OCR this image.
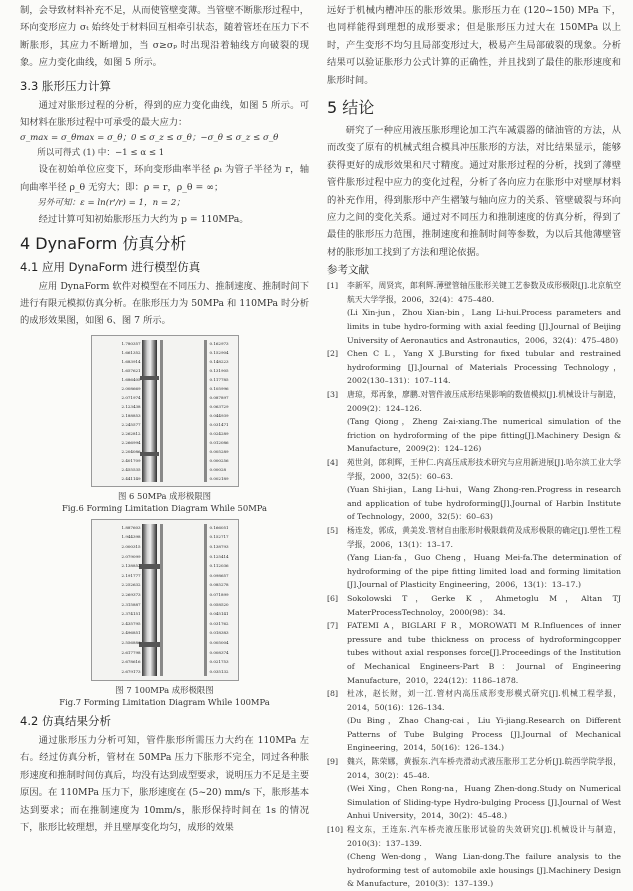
制，会导致材料补充不足，从而使管壁变薄。当管壁不断胀形过程中，环向变形应力 σₜ 始终处于材料回互相牵引状态，随着管坯在压力下不断胀形，其应力不断增加，当 σ≥σₚ 时出现沿着轴线方向破裂的现象。应力变化曲线，如图 5 所示。

3.3 胀形压力计算

通过对胀形过程的分析，得到的应力变化曲线，如图 5 所示。可知材料在胀形过程中可承受的最大应力：

σ_max = σ_θmax = σ_θ；0 ≤ σ_z ≤ σ_θ；−σ_θ ≤ σ_z ≤ σ_θ

所以可得式 (1) 中：−1 ≤ α ≤ 1

设在初始单位应变下，环向变形曲率半径 ρₜ 为管子半径为 r，轴向曲率半径 ρ_θ 无穷大；即：ρ = r，ρ_θ = ∞；

另外可知：ε = ln(r'/r) = 1，n = 2；

经过计算可知初始胀形压力大约为 p = 110MPa。

4 DynaForm 仿真分析
4.1 应用 DynaForm 进行模型仿真

应用 DynaForm 软件对模型在不同压力、推制速度、推制时间下进行有限元模拟仿真分析。在胀形压力为 50MPa 和 110MPa 时分析的成形效果图，如图 6、图 7 所示。

1.780357
1.661352
1.683914
1.657621
1.686405
2.008669
2.071974
2.123438
2.188853
2.245577
2.262812
2.266994
2.204086
2.401709
2.455535
2.441149
0.162973
0.152904
0.148223
0.131905
0.117785
0.105996
0.087897
0.063729
0.044939
0.031471
0.024289
0.012086
0.005289
0.000256
0.00028
0.002189

图 6 50MPa 成形极限图

Fig.6 Forming Limitation Diagram While 50MPa

1.887603
1.944398
2.000315
2.079099
2.138852
2.191777
2.252632
2.269373
2.315887
2.374151
2.435795
2.496851
2.556886
2.617798
2.678616
2.679173
0.166051
0.152717
0.138793
0.125414
0.112036
0.098657
0.085278
0.071899
0.058520
0.045141
0.031762
0.018383
0.005004
0.008374
0.021753
0.035132

图 7 100MPa 成形极限图

Fig.7 Forming Limitation Diagram While 100MPa

4.2 仿真结果分析

通过胀形压力分析可知，管件胀形所需压力大约在 110MPa 左右。经过仿真分析，管材在 50MPa 压力下胀形不完全，同过各种胀形速度和推制时间仿真后，均没有达到成型要求，说明压力不足是主要原因。在 110MPa 压力下，胀形速度在 (5~20) mm/s 下，胀形基本达到要求；而在推制速度为 10mm/s，胀形保持时间在 1s 的情况下，胀形比较理想，并且壁厚变化均匀，成形的效果

远好于机械内槽冲压的胀形效果。胀形压力在 (120~150) MPa 下，也同样能得到理想的成形要求；但是胀形压力过大在 150MPa 以上时，产生变形不均匀且局部变形过大，极易产生局部破裂的现象。分析结果可以验证胀形力公式计算的正确性，并且找到了最佳的胀形速度和胀形时间。

5 结论

研究了一种应用液压胀形理论加工汽车减震器的储油管的方法，从而改变了原有的机械式组合模具冲压胀形的方法，对比结果显示，能够获得更好的成形效果和尺寸精度。通过对胀形过程的分析，找到了薄壁管件胀形过程中应力的变化过程，分析了各向应力在胀形中对壁厚材料的补充作用，得到胀形中产生褶皱与轴向应力的关系、管壁破裂与环向应力之间的变化关系。通过对不同压力和推制速度的仿真分析，得到了最佳的胀形压力范围，推制速度和推制时间等参数，为以后其他薄壁管材的胀形加工找到了方法和理论依据。

参考文献

[1] 李新军，周贤宾，郎利辉.薄壁管轴压胀形关键工艺参数及成形极限[J].北京航空航天大学学报，2006，32(4)：475–480.
(Li Xin-jun，Zhou Xian-bin，Lang Li-hui.Process parameters and limits in tube hydro-forming with axial feeding [J].Journal of Beijing University of Aeronautics and Astronautics，2006，32(4)：475–480)

[2] Chen C L，Yang X J.Bursting for fixed tubular and restrained hydroforming [J].Journal of Materials Processing Technology，2002(130–131)：107–114.

[3] 唐琼，郑再象，廖鹏.对管件液压成形结果影响的数值模拟[J].机械设计与制造，2009(2)：124–126.
(Tang Qiong，Zheng Zai-xiang.The numerical simulation of the friction on hydroforming of the pipe fitting[J].Machinery Design & Manufacture，2009(2)：124–126)

[4] 苑世剑，郎利辉，王仲仁.内高压成形技术研究与应用新进展[J].哈尔滨工业大学学报，2000，32(5)：60–63.
(Yuan Shi-jian，Lang Li-hui，Wang Zhong-ren.Progress in research and application of tube hydroforming[J].Journal of Harbin Institute of Technology，2000，32(5)：60–63)

[5] 杨连发，郭成，黄美发.管材自由胀形时极限载荷及成形极限的确定[J].塑性工程学报，2006，13(1)：13–17.
(Yang Lian-fa，Guo Cheng，Huang Mei-fa.The determination of hydroforming of the pipe fitting limited load and forming limitation [J].Journal of Plasticity Engineering，2006，13(1)：13–17.)

[6] Sokolowski T，Gerke K，Ahmetoglu M，Altan TJ MaterProcessTechnoloy，2000(98)：34.

[7] FATEMI A，BIGLARI F R，MOROWATI M R.Influences of inner pressure and tube thickness on process of hydroformingcopper tubes without axial responses force[J].Proceedings of the Institution of Mechanical Engineers-Part B：Journal of Engineering Manufacture，2010，224(12)：1186–1878.

[8] 杜冰，赵长财，刘一江.管材内高压成形变形模式研究[J].机械工程学报，2014，50(16)：126–134.
(Du Bing，Zhao Chang-cai，Liu Yi-jiang.Research on Different Patterns of Tube Bulging Process [J].Journal of Mechanical Engineering，2014，50(16)：126–134.)

[9] 魏兴，陈荣娜，黄振东.汽车桥壳滑动式液压胀形工艺分析[J].皖西学院学报，2014，30(2)：45–48.
(Wei Xing，Chen Rong-na，Huang Zhen-dong.Study on Numerical Simulation of Sliding-type Hydro-bulging Process [J].Journal of West Anhui University，2014，30(2)：45–48.)

[10] 程文东，王连东.汽车桥壳液压胀形试验的失效研究[J].机械设计与制造，2010(3)：137–139.
(Cheng Wen-dong，Wang Lian-dong.The failure analysis to the hydroforming test of automobile axle housings [J].Machinery Design & Manufacture，2010(3)：137–139.)
